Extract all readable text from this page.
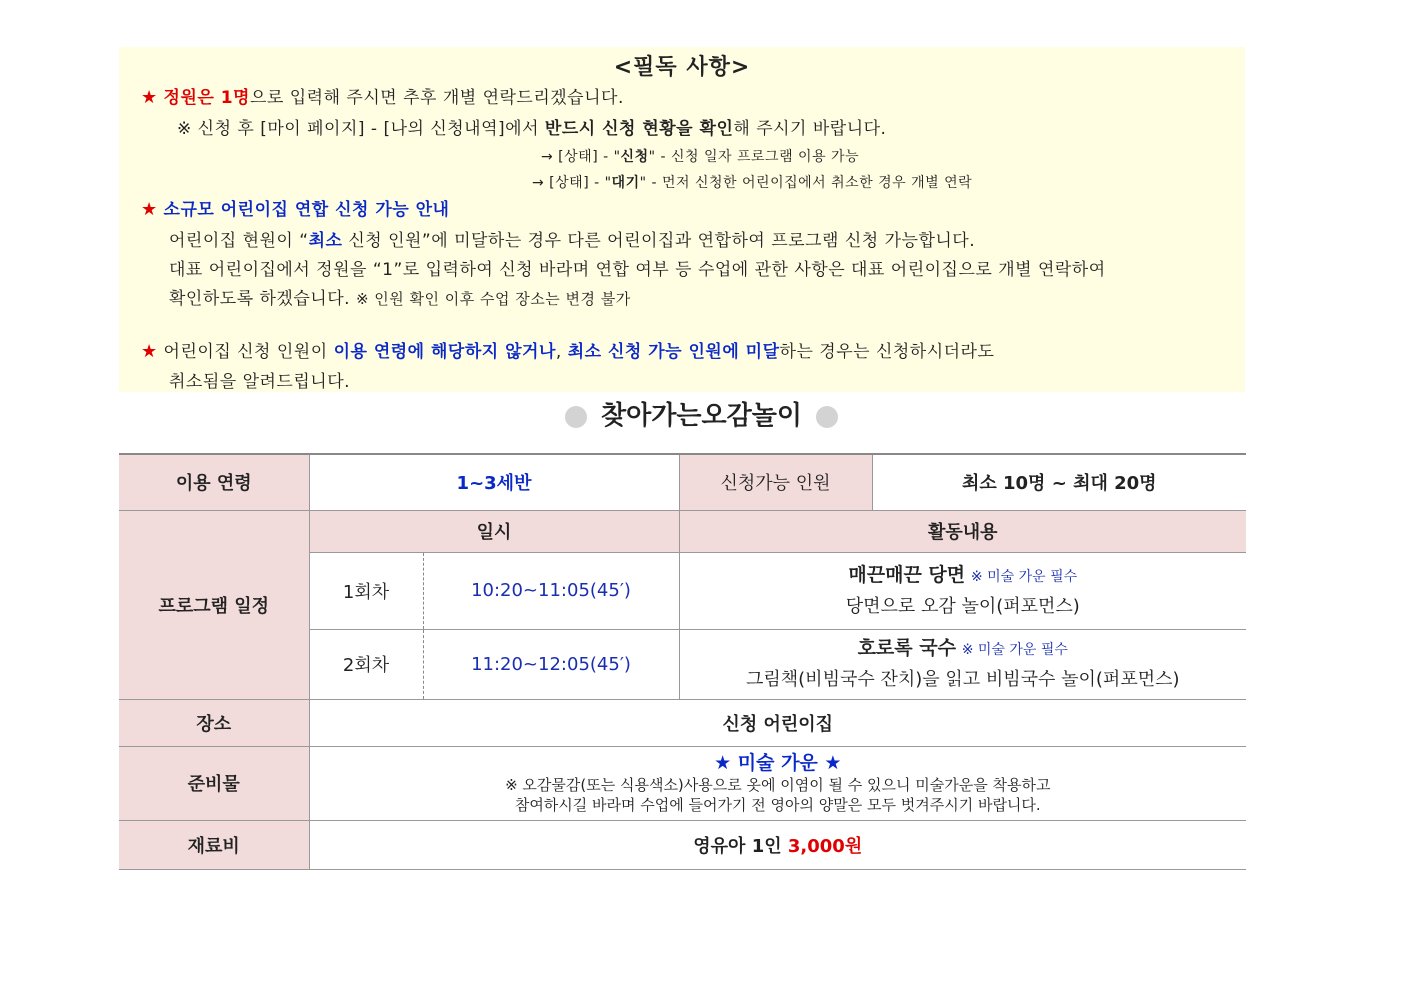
<필독 사항>
★ 정원은 1명으로 입력해 주시면 추후 개별 연락드리겠습니다.
※ 신청 후 [마이 페이지] - [나의 신청내역]에서 반드시 신청 현황을 확인해 주시기 바랍니다.
→ [상태] - "신청" - 신청 일자 프로그램 이용 가능
→ [상태] - "대기" - 먼저 신청한 어린이집에서 취소한 경우 개별 연락
★ 소규모 어린이집 연합 신청 가능 안내
어린이집 현원이 “최소 신청 인원”에 미달하는 경우 다른 어린이집과 연합하여 프로그램 신청 가능합니다.
대표 어린이집에서 정원을 “1”로 입력하여 신청 바라며 연합 여부 등 수업에 관한 사항은 대표 어린이집으로 개별 연락하여
확인하도록 하겠습니다. ※ 인원 확인 이후 수업 장소는 변경 불가
★ 어린이집 신청 인원이 이용 연령에 해당하지 않거나, 최소 신청 가능 인원에 미달하는 경우는 신청하시더라도
취소됨을 알려드립니다.
찾아가는오감놀이
이용 연령	1~3세반		신청가능 인원	최소 10명 ~ 최대 20명
프로그램 일정	일시		활동내용	
	1회차	10:20~11:05(45′)	매끈매끈 당면 ※ 미술 가운 필수
당면으로 오감 놀이(퍼포먼스)	

	2회차	11:20~12:05(45′)	호로록 국수 ※ 미술 가운 필수
그림책(비빔국수 잔치)을 읽고 비빔국수 놀이(퍼포먼스)	

장소	신청 어린이집			
준비물	★ 미술 가운 ★
※ 오감물감(또는 식용색소)사용으로 옷에 이염이 될 수 있으니 미술가운을 착용하고
참여하시길 바라며 수업에 들어가기 전 영아의 양말은 모두 벗겨주시기 바랍니다.			

재료비	영유아 1인 3,000원			
